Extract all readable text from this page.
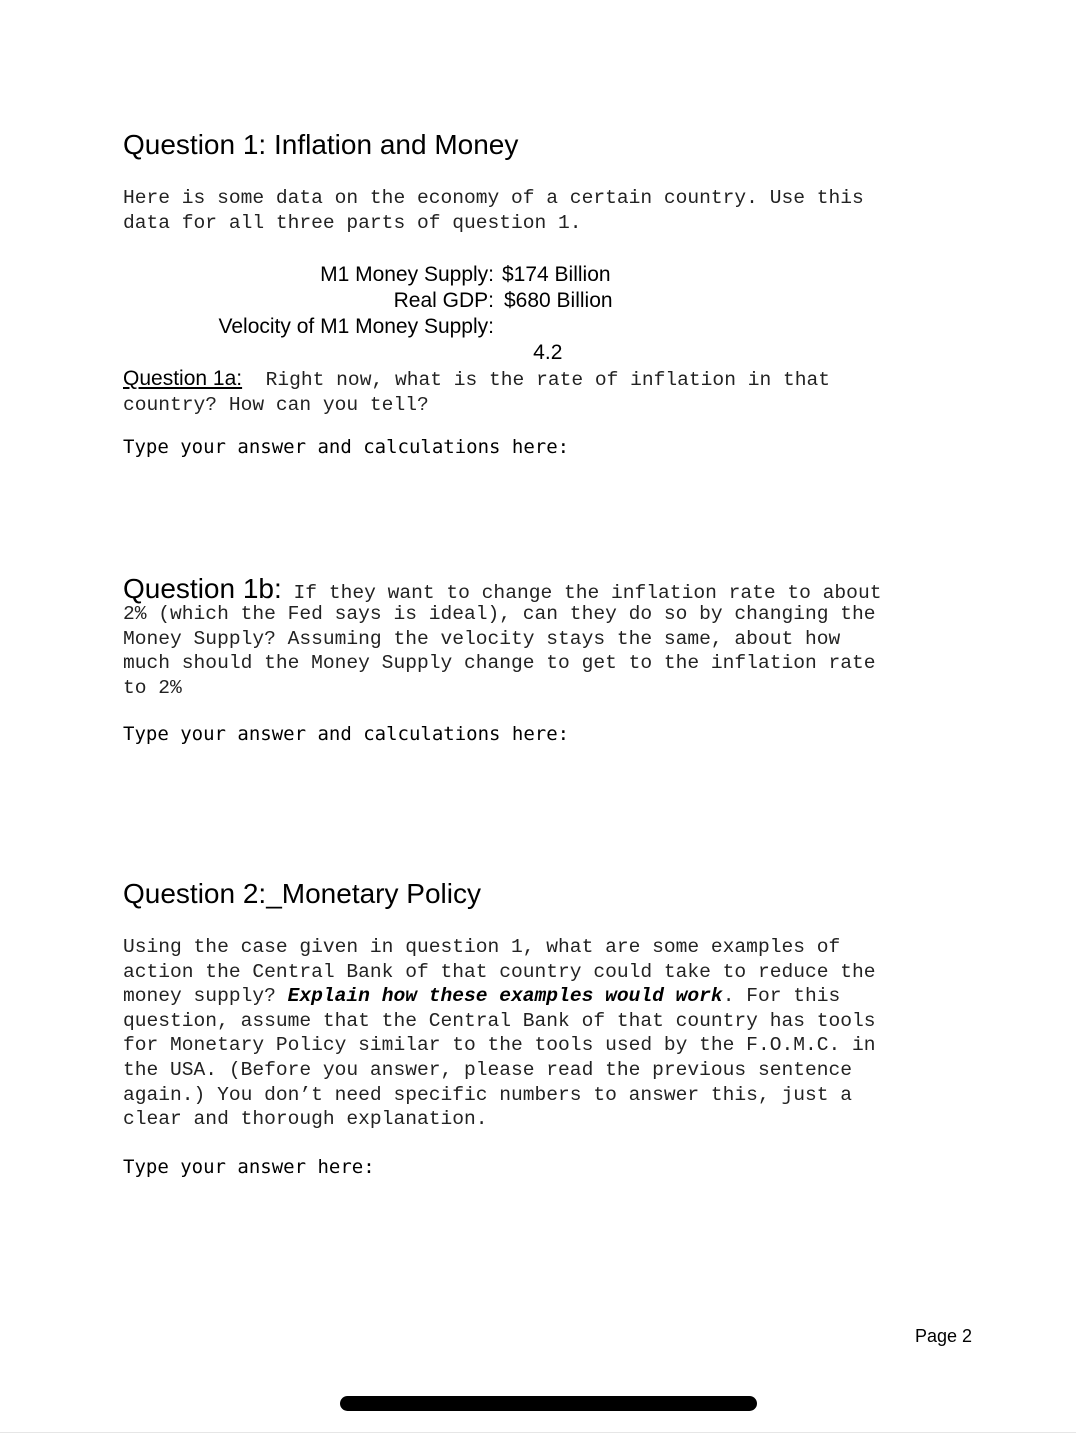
Question 1: Inflation and Money

Here is some data on the economy of a certain country. Use this
data for all three parts of question 1.

M1 Money Supply: $174 Billion
Real GDP: $680 Billion
Velocity of M1 Money Supply:

4.2

Question 1a: Right now, what is the rate of inflation in that
country? How can you tell?
Type your answer and calculations here:
Question 1b: If they want to change the inflation rate to about
2% (which the Fed says is ideal), can they do so by changing the
Money Supply? Assuming the velocity stays the same, about how
much should the Money Supply change to get to the inflation rate
to 2%
Type your answer and calculations here:
Question 2:_Monetary Policy

Using the case given in question 1, what are some examples of
action the Central Bank of that country could take to reduce the
money supply? Explain how these examples would work. For this
question, assume that the Central Bank of that country has tools
for Monetary Policy similar to the tools used by the F.O.M.C. in
the USA. (Before you answer, please read the previous sentence
again.) You don’t need specific numbers to answer this, just a
clear and thorough explanation.

Type your answer here:
Page 2
